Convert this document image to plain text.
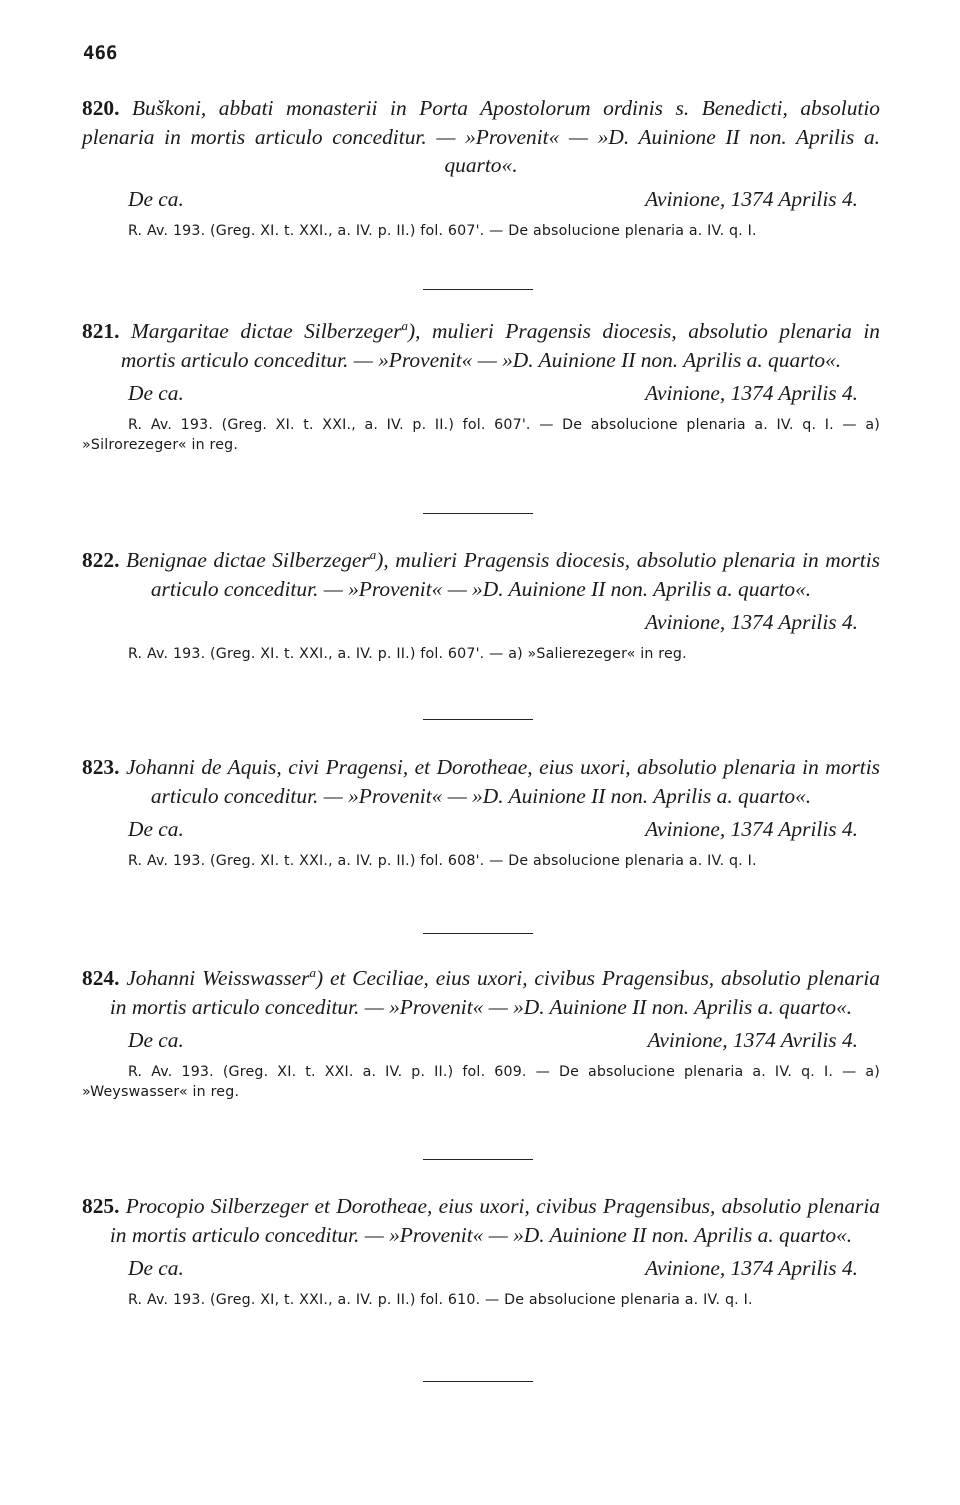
466

820. Buškoni, abbati monasterii in Porta Apostolorum ordinis s. Benedicti, absolutio plenaria in mortis articulo conceditur. — »Provenit« — »D. Auinione II non. Aprilis a. quarto«.

De ca.	Avinione, 1374 Aprilis 4.

R. Av. 193. (Greg. XI. t. XXI., a. IV. p. II.) fol. 607'. — De absolucione plenaria a. IV. q. I.

821. Margaritae dictae Silberzeger$^a$), mulieri Pragensis diocesis, absolutio plenaria in mortis articulo conceditur. — »Provenit« — »D. Auinione II non. Aprilis a. quarto«.

De ca.	Avinione, 1374 Aprilis 4.

R. Av. 193. (Greg. XI. t. XXI., a. IV. p. II.) fol. 607'. — De absolucione plenaria a. IV. q. I. — a) »Silrorezeger« in reg.

822. Benignae dictae Silberzeger$^a$), mulieri Pragensis diocesis, absolutio plenaria in mortis articulo conceditur. — »Provenit« — »D. Auinione II non. Aprilis a. quarto«.

Avinione, 1374 Aprilis 4.

R. Av. 193. (Greg. XI. t. XXI., a. IV. p. II.) fol. 607'. — a) »Salierezeger« in reg.

823. Johanni de Aquis, civi Pragensi, et Dorotheae, eius uxori, absolutio plenaria in mortis articulo conceditur. — »Provenit« — »D. Auinione II non. Aprilis a. quarto«.

De ca.	Avinione, 1374 Aprilis 4.

R. Av. 193. (Greg. XI. t. XXI., a. IV. p. II.) fol. 608'. — De absolucione plenaria a. IV. q. I.

824. Johanni Weisswasser$^a$) et Ceciliae, eius uxori, civibus Pragensibus, absolutio plenaria in mortis articulo conceditur. — »Provenit« — »D. Auinione II non. Aprilis a. quarto«.

De ca.	Avinione, 1374 Avrilis 4.

R. Av. 193. (Greg. XI. t. XXI. a. IV. p. II.) fol. 609. — De absolucione plenaria a. IV. q. I. — a) »Weyswasser« in reg.

825. Procopio Silberzeger et Dorotheae, eius uxori, civibus Pragensibus, absolutio plenaria in mortis articulo conceditur. — »Provenit« — »D. Auinione II non. Aprilis a. quarto«.

De ca.	Avinione, 1374 Aprilis 4.

R. Av. 193. (Greg. XI, t. XXI., a. IV. p. II.) fol. 610. — De absolucione plenaria a. IV. q. I.
